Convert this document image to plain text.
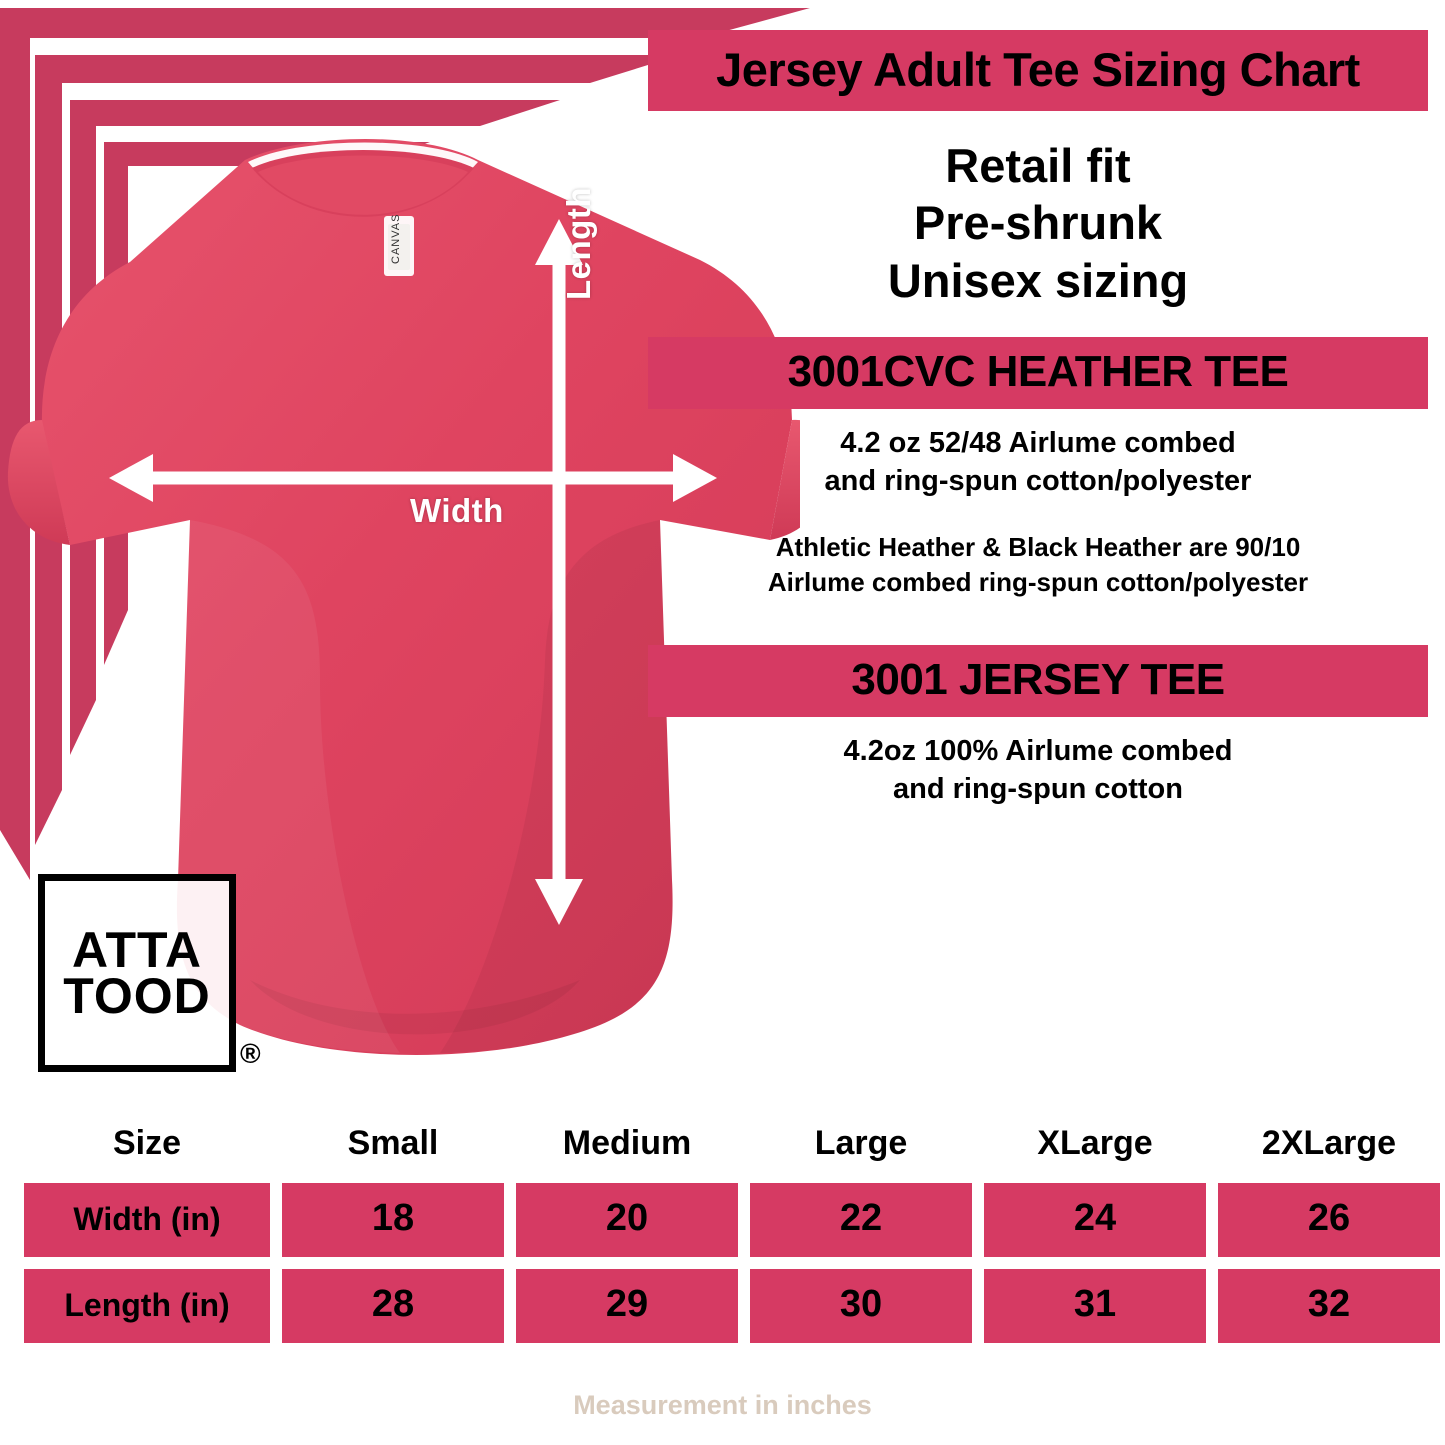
CANVAS
Width
Length
ATTA
TOOD
®
Jersey Adult Tee Sizing Chart
Retail fit
Pre-shrunk
Unisex sizing
3001CVC HEATHER TEE
4.2 oz 52/48 Airlume combed
and ring-spun cotton/polyester
Athletic Heather & Black Heather are 90/10
Airlume combed ring-spun cotton/polyester
3001 JERSEY TEE
4.2oz 100% Airlume combed
and ring-spun cotton
Size	Small	Medium	Large	XLarge	2XLarge
Width (in)	18	20	22	24	26
Length (in)	28	29	30	31	32
Measurement in inches
